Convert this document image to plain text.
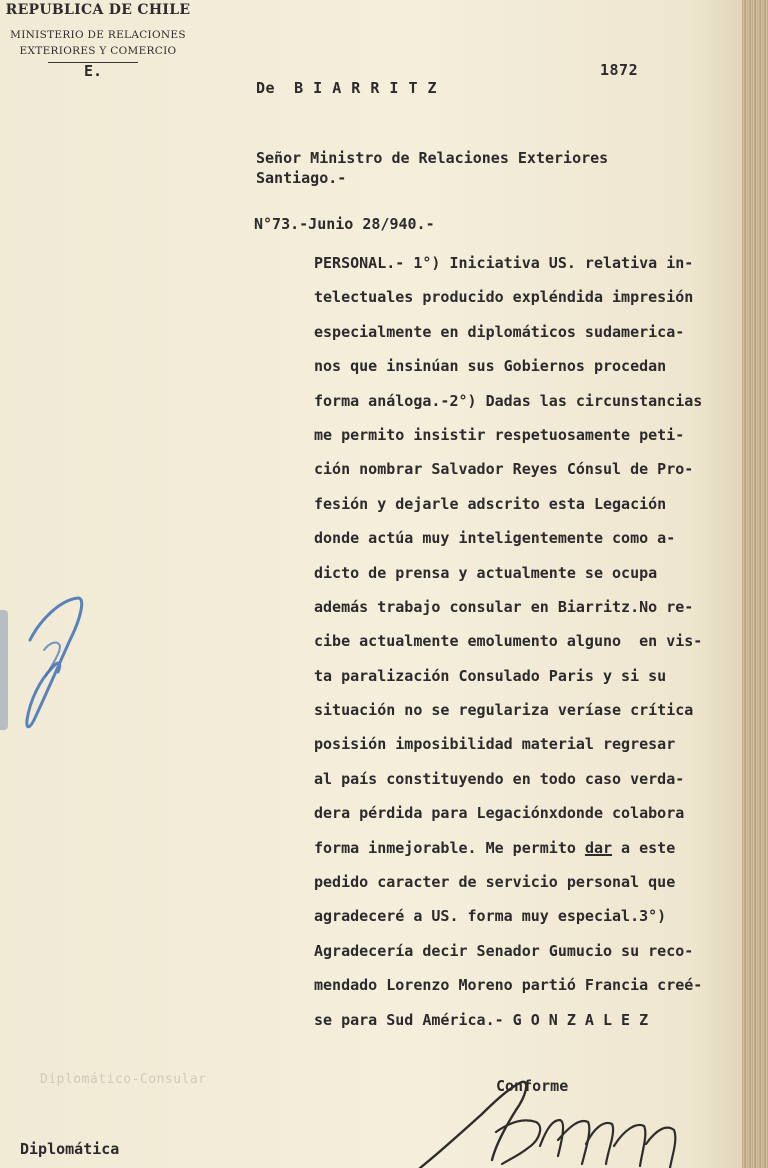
REPUBLICA DE CHILE
MINISTERIO DE RELACIONES
EXTERIORES Y COMERCIO
E.	1872
De  B I A R R I T Z
Señor Ministro de Relaciones Exteriores
Santiago.-
N°73.-Junio 28/940.-
PERSONAL.- 1°) Iniciativa US. relativa in-
telectuales producido expléndida impresión
especialmente en diplomáticos sudamerica-
nos que insinúan sus Gobiernos procedan
forma análoga.-2°) Dadas las circunstancias
me permito insistir respetuosamente peti-
ción nombrar Salvador Reyes Cónsul de Pro-
fesión y dejarle adscrito esta Legación
donde actúa muy inteligentemente como a-
dicto de prensa y actualmente se ocupa
además trabajo consular en Biarritz.No re-
cibe actualmente emolumento alguno  en vis-
ta paralización Consulado Paris y si su
situación no se regulariza veríase crítica
posisión imposibilidad material regresar
al país constituyendo en todo caso verda-
dera pérdida para Legaciónxdonde colabora
forma inmejorable. Me permito dar a este
pedido caracter de servicio personal que
agradeceré a US. forma muy especial.3°)
Agradecería decir Senador Gumucio su reco-
mendado Lorenzo Moreno partió Francia creé-
se para Sud América.- G O N Z A L E Z
Diplomático-Consular	Conforme
Diplomática
